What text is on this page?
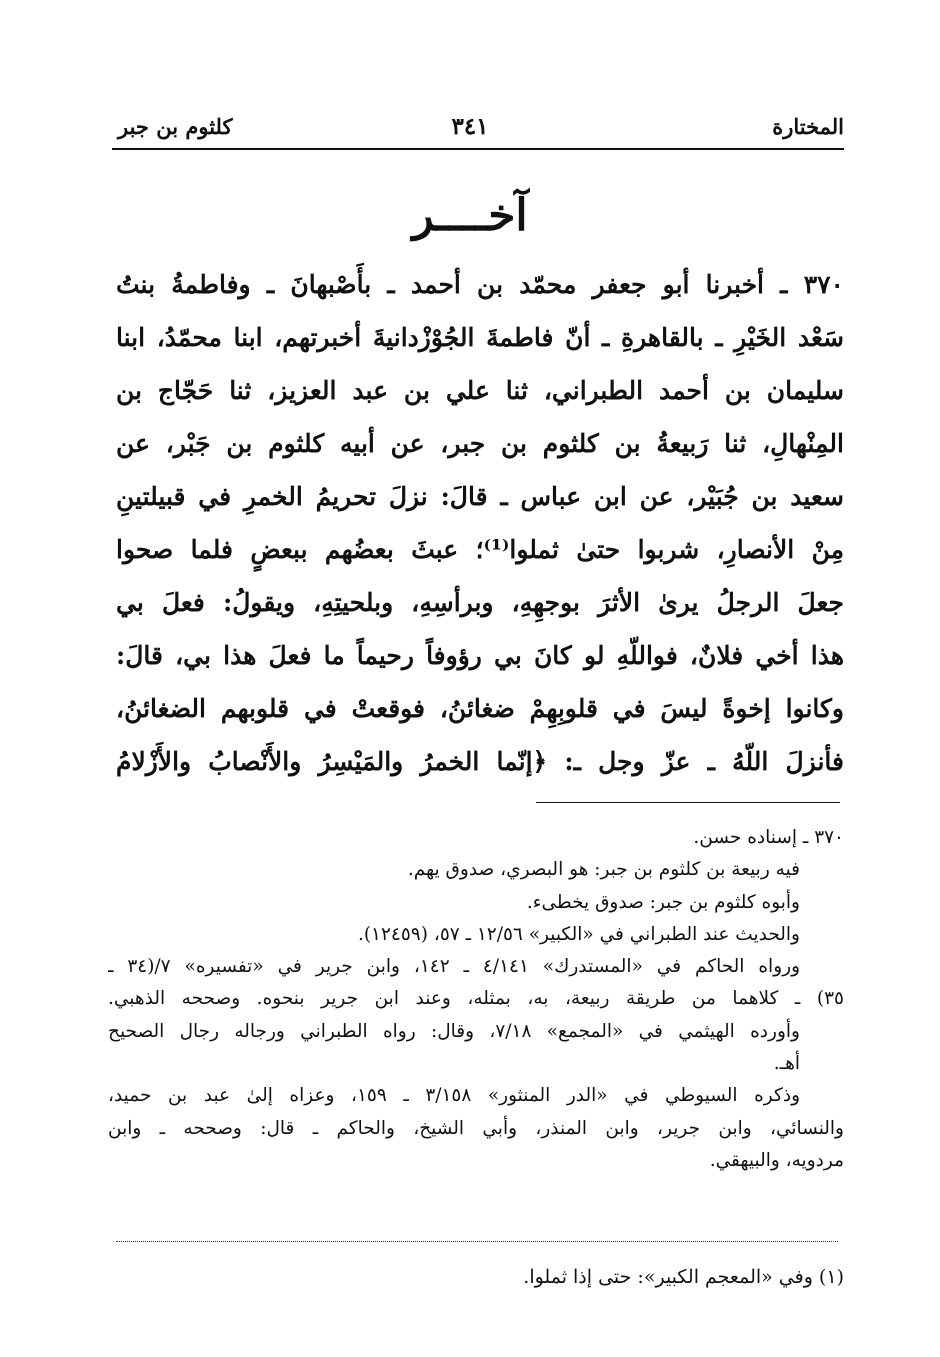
المختارة
٣٤١
كلثوم بن جبر
آخــــر
٣٧٠ ـ أخبرنا أبو جعفر محمّد بن أحمد ـ بأَصْبهانَ ـ وفاطمةُ بنتُ
سَعْد الخَيْرِ ـ بالقاهرةِ ـ أنّ فاطمةَ الجُوْزْدانيةَ أخبرتهم، ابنا محمّدُ، ابنا
سليمان بن أحمد الطبراني، ثنا علي بن عبد العزيز، ثنا حَجّاج بن
المِنْهالِ، ثنا رَبيعةُ بن كلثوم بن جبر، عن أبيه كلثوم بن جَبْر، عن
سعيد بن جُبَيْر، عن ابن عباس ـ قالَ: نزلَ تحريمُ الخمرِ في قبيلتينِ
مِنْ الأنصارِ، شربوا حتىٰ ثملوا⁽¹⁾؛ عبثَ بعضُهم ببعضٍ فلما صحوا
جعلَ الرجلُ يرىٰ الأثرَ بوجهِهِ، وبرأسِهِ، وبلحيتِهِ، ويقولُ: فعلَ بي
هذا أخي فلانٌ، فواللّهِ لو كانَ بي رؤوفاً رحيماً ما فعلَ هذا بي، قالَ:
وكانوا إخوةً ليسَ في قلوبِهِمْ ضغائنُ، فوقعتْ في قلوبهم الضغائنُ،
فأنزلَ اللّهُ ـ عزّ وجل ـ: ﴿إنّما الخمرُ والمَيْسِرُ والأَنْصابُ والأَزْلامُ
٣٧٠ ـ إسناده حسن.
فيه ربيعة بن كلثوم بن جبر: هو البصري، صدوق يهم.
وأبوه كلثوم بن جبر: صدوق يخطىء.
والحديث عند الطبراني في «الكبير» ١٢/٥٦ ـ ٥٧، (١٢٤٥٩).
ورواه الحاكم في «المستدرك» ٤/١٤١ ـ ١٤٢، وابن جرير في «تفسيره» ٧/(٣٤ ـ
٣٥) ـ كلاهما من طريقة ربيعة، به، بمثله، وعند ابن جرير بنحوه. وصححه الذهبي.
وأورده الهيثمي في «المجمع» ٧/١٨، وقال: رواه الطبراني ورجاله رجال الصحيح
أهـ.
وذكره السيوطي في «الدر المنثور» ٣/١٥٨ ـ ١٥٩، وعزاه إلىٰ عبد بن حميد،
والنسائي، وابن جرير، وابن المنذر، وأبي الشيخ، والحاكم ـ قال: وصححه ـ وابن
مردويه، والبيهقي.
(١) وفي «المعجم الكبير»: حتى إذا ثملوا.
